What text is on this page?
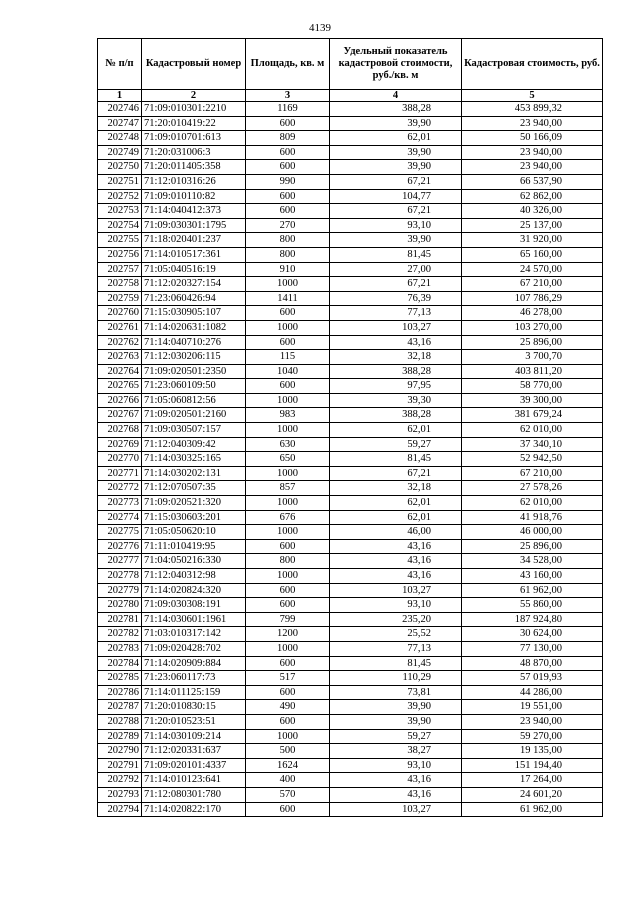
4139
№ п/п	Кадастровый номер	Площадь, кв. м	Удельный показатель кадастровой стоимости, руб./кв. м	Кадастровая стоимость, руб.
1	2	3	4	5
202746	71:09:010301:2210	1169	388,28	453 899,32
202747	71:20:010419:22	600	39,90	23 940,00
202748	71:09:010701:613	809	62,01	50 166,09
202749	71:20:031006:3	600	39,90	23 940,00
202750	71:20:011405:358	600	39,90	23 940,00
202751	71:12:010316:26	990	67,21	66 537,90
202752	71:09:010110:82	600	104,77	62 862,00
202753	71:14:040412:373	600	67,21	40 326,00
202754	71:09:030301:1795	270	93,10	25 137,00
202755	71:18:020401:237	800	39,90	31 920,00
202756	71:14:010517:361	800	81,45	65 160,00
202757	71:05:040516:19	910	27,00	24 570,00
202758	71:12:020327:154	1000	67,21	67 210,00
202759	71:23:060426:94	1411	76,39	107 786,29
202760	71:15:030905:107	600	77,13	46 278,00
202761	71:14:020631:1082	1000	103,27	103 270,00
202762	71:14:040710:276	600	43,16	25 896,00
202763	71:12:030206:115	115	32,18	3 700,70
202764	71:09:020501:2350	1040	388,28	403 811,20
202765	71:23:060109:50	600	97,95	58 770,00
202766	71:05:060812:56	1000	39,30	39 300,00
202767	71:09:020501:2160	983	388,28	381 679,24
202768	71:09:030507:157	1000	62,01	62 010,00
202769	71:12:040309:42	630	59,27	37 340,10
202770	71:14:030325:165	650	81,45	52 942,50
202771	71:14:030202:131	1000	67,21	67 210,00
202772	71:12:070507:35	857	32,18	27 578,26
202773	71:09:020521:320	1000	62,01	62 010,00
202774	71:15:030603:201	676	62,01	41 918,76
202775	71:05:050620:10	1000	46,00	46 000,00
202776	71:11:010419:95	600	43,16	25 896,00
202777	71:04:050216:330	800	43,16	34 528,00
202778	71:12:040312:98	1000	43,16	43 160,00
202779	71:14:020824:320	600	103,27	61 962,00
202780	71:09:030308:191	600	93,10	55 860,00
202781	71:14:030601:1961	799	235,20	187 924,80
202782	71:03:010317:142	1200	25,52	30 624,00
202783	71:09:020428:702	1000	77,13	77 130,00
202784	71:14:020909:884	600	81,45	48 870,00
202785	71:23:060117:73	517	110,29	57 019,93
202786	71:14:011125:159	600	73,81	44 286,00
202787	71:20:010830:15	490	39,90	19 551,00
202788	71:20:010523:51	600	39,90	23 940,00
202789	71:14:030109:214	1000	59,27	59 270,00
202790	71:12:020331:637	500	38,27	19 135,00
202791	71:09:020101:4337	1624	93,10	151 194,40
202792	71:14:010123:641	400	43,16	17 264,00
202793	71:12:080301:780	570	43,16	24 601,20
202794	71:14:020822:170	600	103,27	61 962,00
